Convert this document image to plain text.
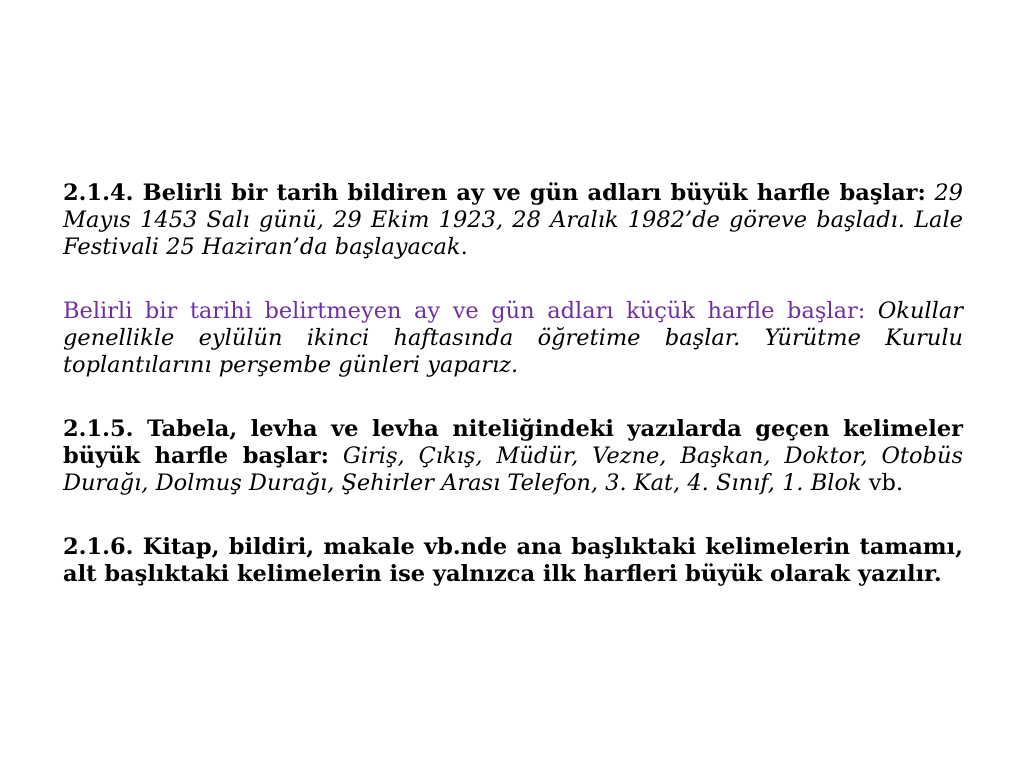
2.1.4. Belirli bir tarih bildiren ay ve gün adları büyük harfle başlar: 29 Mayıs 1453 Salı günü, 29 Ekim 1923, 28 Aralık 1982’de göreve başladı. Lale Festivali 25 Haziran’da başlayacak.

Belirli bir tarihi belirtmeyen ay ve gün adları küçük harfle başlar: Okullar genellikle eylülün ikinci haftasında öğretime başlar. Yürütme Kurulu toplantılarını perşembe günleri yaparız.

2.1.5. Tabela, levha ve levha niteliğindeki yazılarda geçen kelimeler büyük harfle başlar: Giriş, Çıkış, Müdür, Vezne, Başkan, Doktor, Otobüs Durağı, Dolmuş Durağı, Şehirler Arası Telefon, 3. Kat, 4. Sınıf, 1. Blok vb.

2.1.6. Kitap, bildiri, makale vb.nde ana başlıktaki kelimelerin tamamı, alt başlıktaki kelimelerin ise yalnızca ilk harfleri büyük olarak yazılır.
